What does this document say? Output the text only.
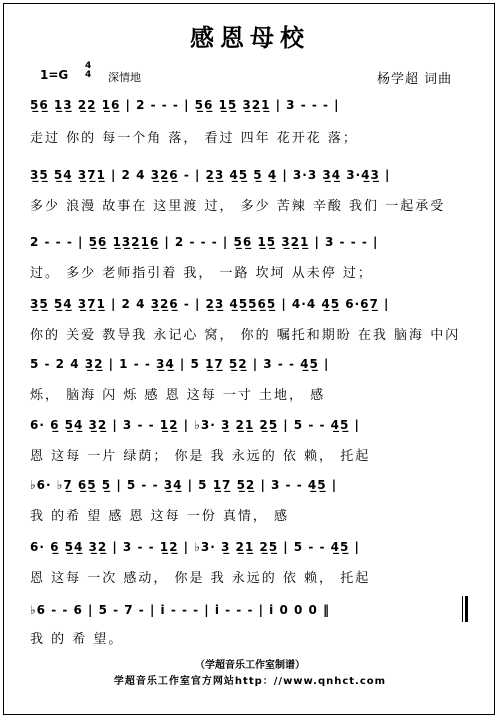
感恩母校
1=G
4
4 深情地	杨学超 词曲
5̲6̲ 1̲3̲ 2̲2̲ 1̲6̲ | 2 - - - | 5̲6̲ 1̲5̲ 3̲2̲1̲ | 3 - - - |
走过 你的 每一个角 落， 看过 四年 花开花 落；
3̲5̲ 5̲4̲ 3̲7̲1̲ | 2 4 3̲2̲6̲ - | 2̲3̲ 4̲5̲ 5̲ 4̲ | 3·3 3̲4̲ 3·4̲3̲ |
多少 浪漫 故事在 这里渡 过， 多少 苦辣 辛酸 我们 一起承受
2 - - - | 5̲6̲ 1̲3̲2̲1̲6̲ | 2 - - - | 5̲6̲ 1̲5̲ 3̲2̲1̲ | 3 - - - |
过。 多少 老师指引着 我， 一路 坎坷 从未停 过；
3̲5̲ 5̲4̲ 3̲7̲1̲ | 2 4 3̲2̲6̲ - | 2̲3̲ 4̲5̲5̲6̲5̲ | 4·4 4̲5̲ 6·6̲7̲ |
你的 关爱 教导我 永记心 窝， 你的 嘱托和期盼 在我 脑海 中闪
5 - 2 4 3̲2̲ | 1 - - 3̲4̲ | 5 1̲7̲ 5̲2̲ | 3 - - 4̲5̲ |
烁， 脑海 闪 烁 感 恩 这每 一寸 土地， 感
6· 6̲ 5̲4̲ 3̲2̲ | 3 - - 1̲2̲ | ♭3· 3̲ 2̲1̲ 2̲5̲ | 5 - - 4̲5̲ |
恩 这每 一片 绿荫； 你是 我 永远的 依 赖， 托起
♭6· ♭7̲ 6̲5̲ 5̲ | 5 - - 3̲4̲ | 5 1̲7̲ 5̲2̲ | 3 - - 4̲5̲ |
我 的希 望 感 恩 这每 一份 真情， 感
6· 6̲ 5̲4̲ 3̲2̲ | 3 - - 1̲2̲ | ♭3· 3̲ 2̲1̲ 2̲5̲ | 5 - - 4̲5̲ |
恩 这每 一次 感动， 你是 我 永远的 依 赖， 托起
♭6 - - 6 | 5 - 7 - | i - - - | i - - - | i 0 0 0 ‖
我 的 希 望。
（学超音乐工作室制谱）
学超音乐工作室官方网站http：//www.qnhct.com
